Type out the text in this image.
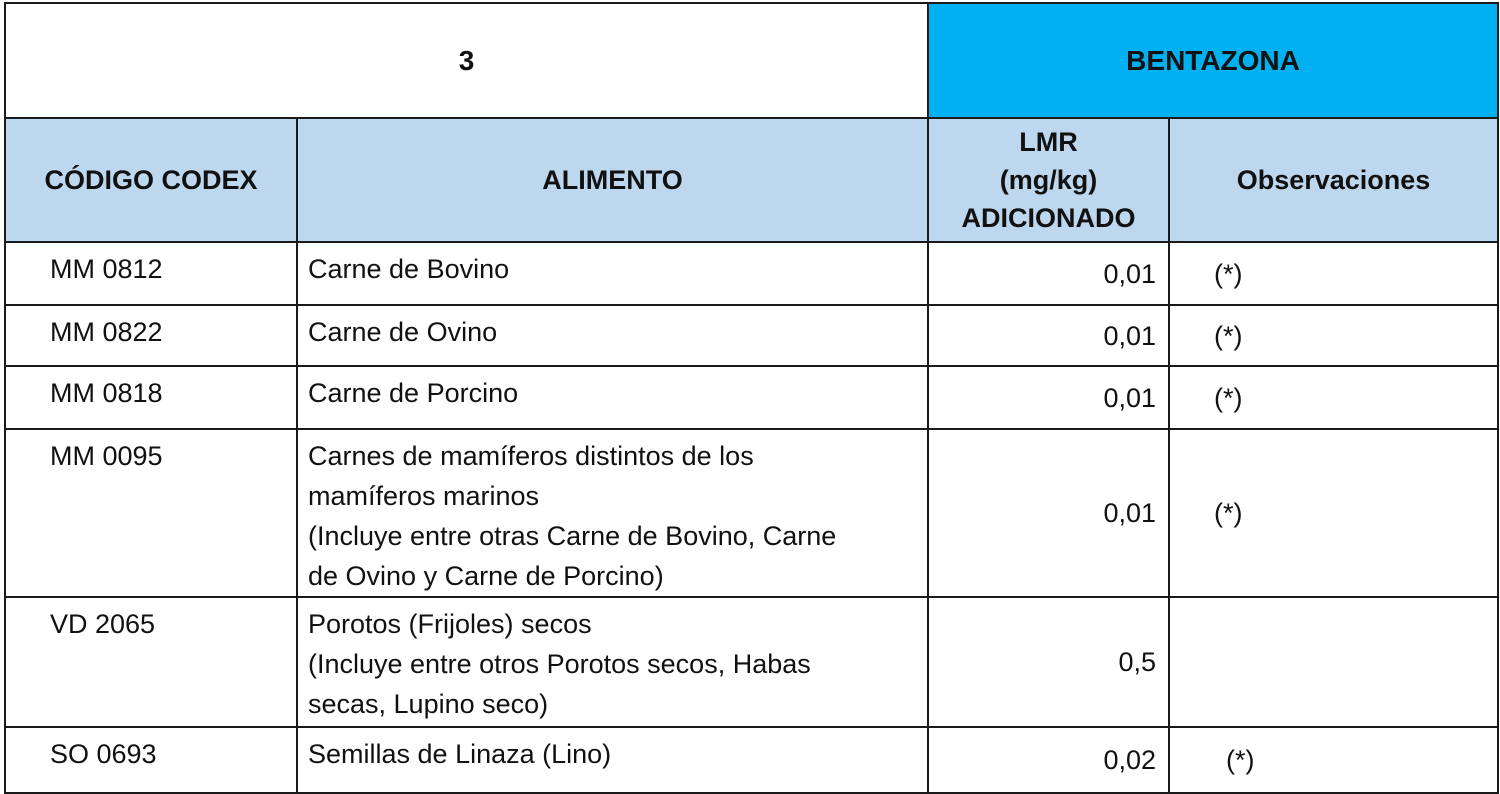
3		BENTAZONA	
CÓDIGO CODEX	ALIMENTO	LMR
(mg/kg)
ADICIONADO	Observaciones
MM 0812	Carne de Bovino	0,01	(*)
MM 0822	Carne de Ovino	0,01	(*)
MM 0818	Carne de Porcino	0,01	(*)
MM 0095	Carnes de mamíferos distintos de los
mamíferos marinos
(Incluye entre otras Carne de Bovino, Carne
de Ovino y Carne de Porcino)	0,01	(*)
VD 2065	Porotos (Frijoles) secos
(Incluye entre otros Porotos secos, Habas
secas, Lupino seco)	0,5	
SO 0693	Semillas de Linaza (Lino)	0,02	(*)
